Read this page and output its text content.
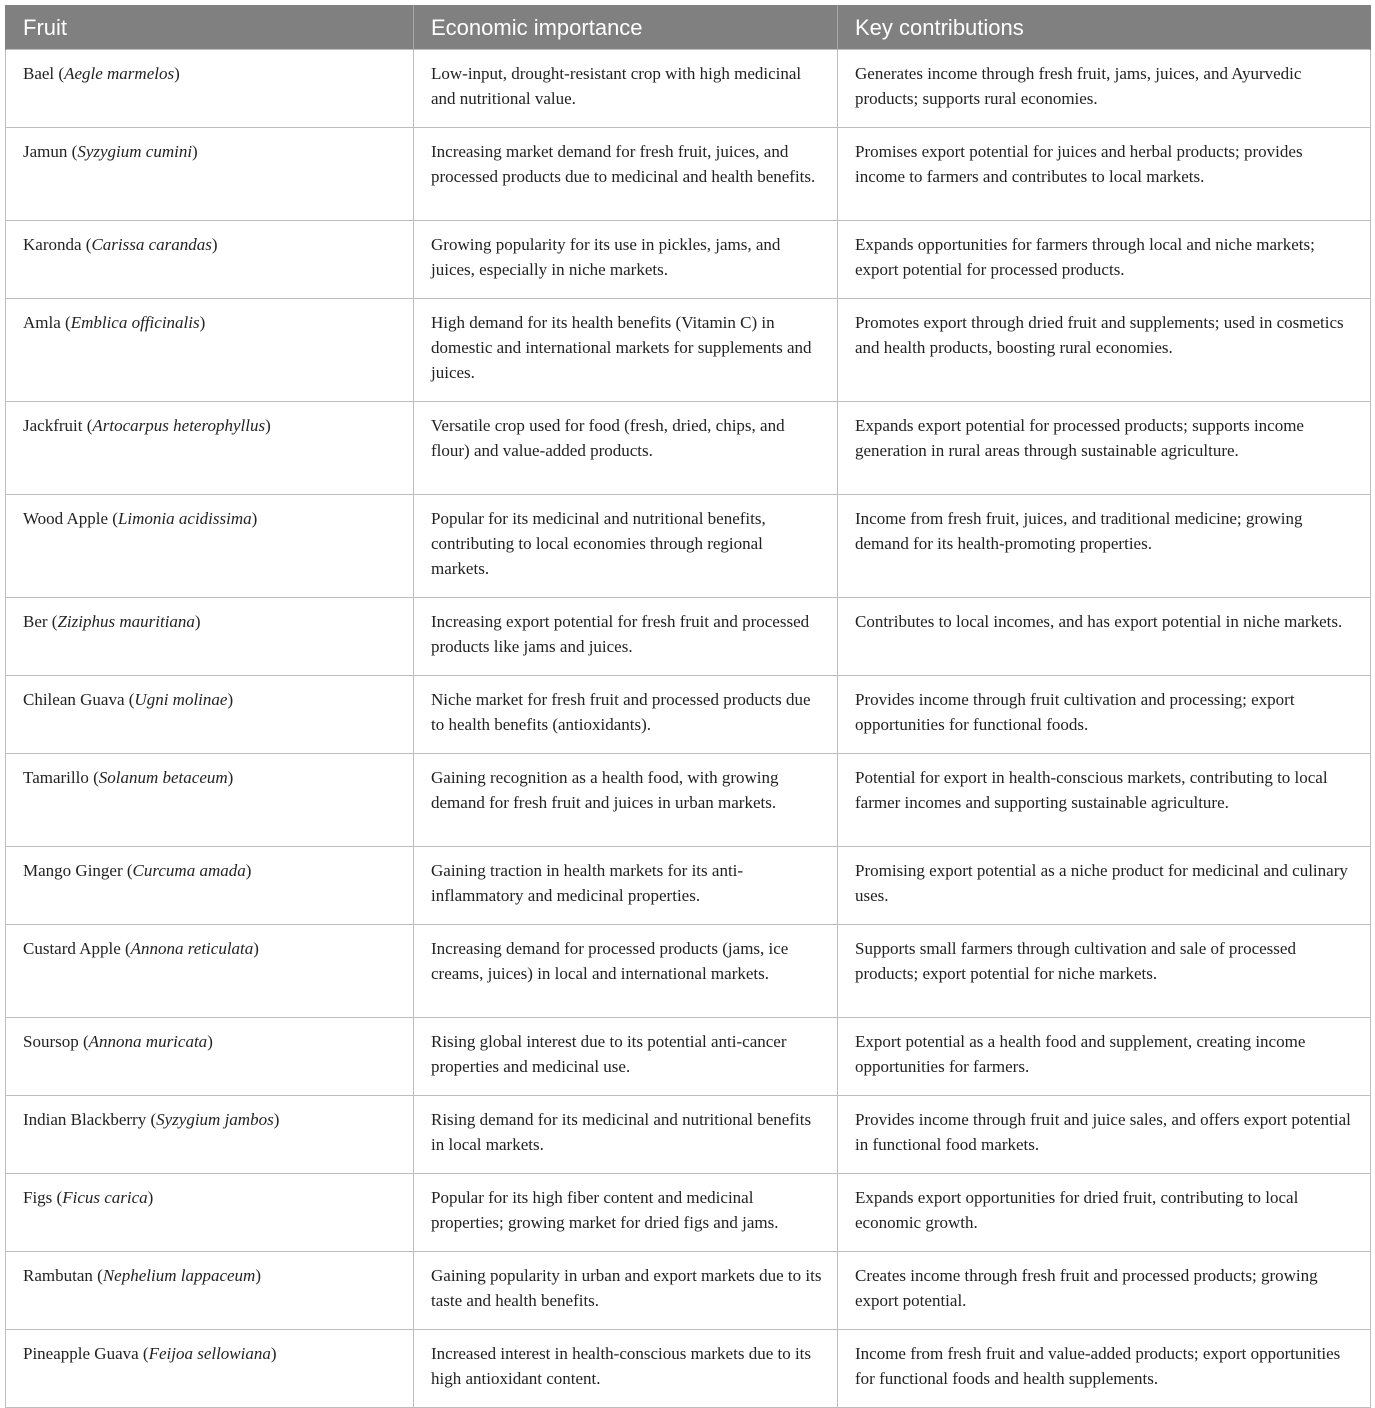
Fruit	Economic importance	Key contributions
Bael (Aegle marmelos)	Low-input, drought-resistant crop with high medicinal and nutritional value.	Generates income through fresh fruit, jams, juices, and Ayurvedic products; supports rural economies.
Jamun (Syzygium cumini)	Increasing market demand for fresh fruit, juices, and processed products due to medicinal and health benefits.	Promises export potential for juices and herbal products; provides income to farmers and contributes to local markets.
Karonda (Carissa carandas)	Growing popularity for its use in pickles, jams, and juices, especially in niche markets.	Expands opportunities for farmers through local and niche markets; export potential for processed products.
Amla (Emblica officinalis)	High demand for its health benefits (Vitamin C) in domestic and international markets for supplements and juices.	Promotes export through dried fruit and supplements; used in cosmetics and health products, boosting rural economies.
Jackfruit (Artocarpus heterophyllus)	Versatile crop used for food (fresh, dried, chips, and flour) and value-added products.	Expands export potential for processed products; supports income generation in rural areas through sustainable agriculture.
Wood Apple (Limonia acidissima)	Popular for its medicinal and nutritional benefits, contributing to local economies through regional markets.	Income from fresh fruit, juices, and traditional medicine; growing demand for its health-promoting properties.
Ber (Ziziphus mauritiana)	Increasing export potential for fresh fruit and processed products like jams and juices.	Contributes to local incomes, and has export potential in niche markets.
Chilean Guava (Ugni molinae)	Niche market for fresh fruit and processed products due to health benefits (antioxidants).	Provides income through fruit cultivation and processing; export opportunities for functional foods.
Tamarillo (Solanum betaceum)	Gaining recognition as a health food, with growing demand for fresh fruit and juices in urban markets.	Potential for export in health-conscious markets, contributing to local farmer incomes and supporting sustainable agriculture.
Mango Ginger (Curcuma amada)	Gaining traction in health markets for its anti-inflammatory and medicinal properties.	Promising export potential as a niche product for medicinal and culinary uses.
Custard Apple (Annona reticulata)	Increasing demand for processed products (jams, ice creams, juices) in local and international markets.	Supports small farmers through cultivation and sale of processed products; export potential for niche markets.
Soursop (Annona muricata)	Rising global interest due to its potential anti-cancer properties and medicinal use.	Export potential as a health food and supplement, creating income opportunities for farmers.
Indian Blackberry (Syzygium jambos)	Rising demand for its medicinal and nutritional benefits in local markets.	Provides income through fruit and juice sales, and offers export potential in functional food markets.
Figs (Ficus carica)	Popular for its high fiber content and medicinal properties; growing market for dried figs and jams.	Expands export opportunities for dried fruit, contributing to local economic growth.
Rambutan (Nephelium lappaceum)	Gaining popularity in urban and export markets due to its taste and health benefits.	Creates income through fresh fruit and processed products; growing export potential.
Pineapple Guava (Feijoa sellowiana)	Increased interest in health-conscious markets due to its high antioxidant content.	Income from fresh fruit and value-added products; export opportunities for functional foods and health supplements.
